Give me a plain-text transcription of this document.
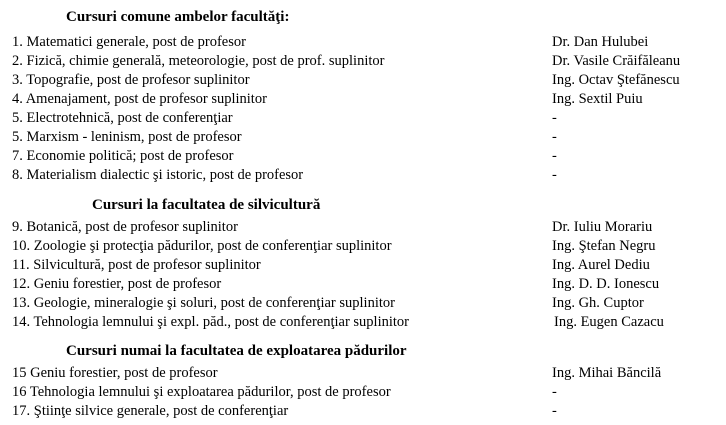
Cursuri comune ambelor facultăţi:
1. Matematici generale, post de profesor	Dr. Dan Hulubei
2. Fizică, chimie generală, meteorologie, post de prof. suplinitor	Dr. Vasile Crăifăleanu
3. Topografie, post de profesor suplinitor	Ing. Octav Ştefănescu
4. Amenajament, post de profesor suplinitor	Ing. Sextil Puiu
5. Electrotehnică, post de conferenţiar	-
5. Marxism - leninism, post de profesor	-
7. Economie politică; post de profesor	-
8. Materialism dialectic şi istoric, post de profesor	-
Cursuri la facultatea de silvicultură
9. Botanică, post de profesor suplinitor	Dr. Iuliu Morariu
10. Zoologie şi protecţia pădurilor, post de conferenţiar suplinitor	Ing. Ştefan Negru
11. Silvicultură, post de profesor suplinitor	Ing. Aurel Dediu
12. Geniu forestier, post de profesor	Ing. D. D. Ionescu
13. Geologie, mineralogie şi soluri, post de conferenţiar suplinitor	Ing. Gh. Cuptor
14. Tehnologia lemnului şi expl. păd., post de conferenţiar suplinitor	Ing. Eugen Cazacu
Cursuri numai la facultatea de exploatarea pădurilor
15 Geniu forestier, post de profesor	Ing. Mihai Băncilă
16 Tehnologia lemnului şi exploatarea pădurilor, post de profesor	-
17. Ştiinţe silvice generale, post de conferenţiar	-
